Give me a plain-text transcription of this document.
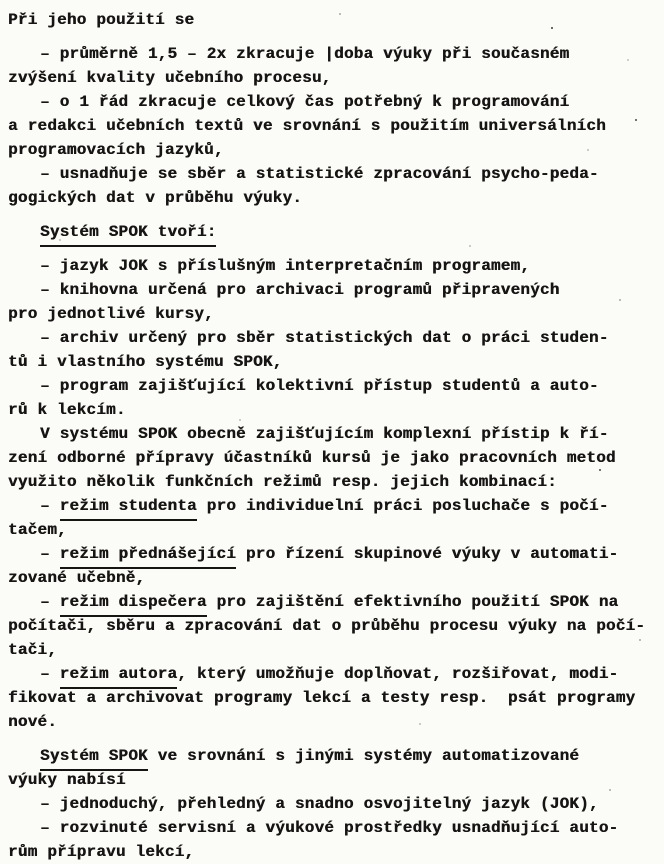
Při jeho použití se
– průměrně 1,5 – 2x zkracuje |doba výuky při současném
zvýšení kvality učebního procesu,
– o 1 řád zkracuje celkový čas potřebný k programování
a redakci učebních textů ve srovnání s použitím universálních
programovacích jazyků,
– usnadňuje se sběr a statistické zpracování psycho-peda-
gogických dat v průběhu výuky.
Systém SPOK tvoří:
– jazyk JOK s příslušným interpretačním programem,
– knihovna určená pro archivaci programů připravených
pro jednotlivé kursy,
– archiv určený pro sběr statistických dat o práci studen-
tů i vlastního systému SPOK,
– program zajišťující kolektivní přístup studentů a auto-
rů k lekcím.
V systému SPOK obecně zajišťujícím komplexní přístip k ří-
zení odborné přípravy účastníků kursů je jako pracovních metod
využito několik funkčních režimů resp. jejich kombinací:
– režim studenta pro individuelní práci posluchače s počí-
tačem,
– režim přednášející pro řízení skupinové výuky v automati-
zované učebně,
– režim dispečera pro zajištění efektivního použití SPOK na
počítači, sběru a zpracování dat o průběhu procesu výuky na počí-
tači,
– režim autora, který umožňuje doplňovat, rozšiřovat, modi-
fikovat a archivovat programy lekcí a testy resp.  psát programy
nové.
Systém SPOK ve srovnání s jinými systémy automatizované
výuky nabísí
– jednoduchý, přehledný a snadno osvojitelný jazyk (JOK),
– rozvinuté servisní a výukové prostředky usnadňující auto-
rům přípravu lekcí,
